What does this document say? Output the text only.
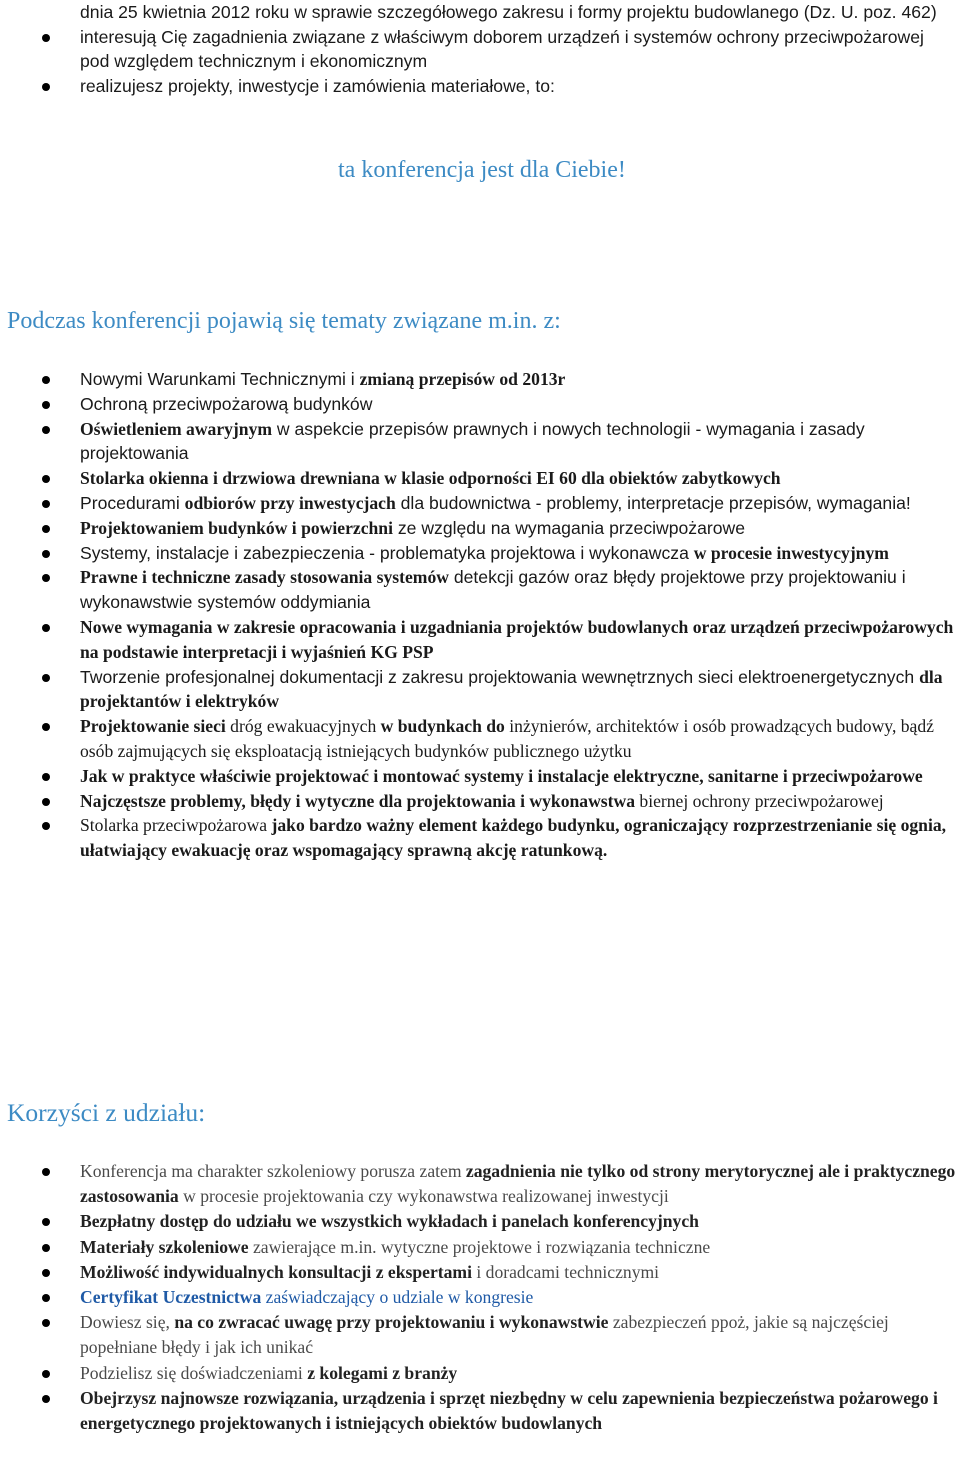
dnia 25 kwietnia 2012 roku w sprawie szczegółowego zakresu i formy projektu budowlanego (Dz. U. poz. 462)
interesują Cię zagadnienia związane z właściwym doborem urządzeń i systemów ochrony przeciwpożarowej pod względem technicznym i ekonomicznym
realizujesz projekty, inwestycje i zamówienia materiałowe, to:
ta konferencja jest dla Ciebie!
Podczas konferencji pojawią się tematy związane m.in. z:
Nowymi Warunkami Technicznymi i zmianą przepisów od 2013r
Ochroną przeciwpożarową budynków
Oświetleniem awaryjnym w aspekcie przepisów prawnych i nowych technologii - wymagania i zasady projektowania
Stolarka okienna i drzwiowa drewniana w klasie odporności EI 60 dla obiektów zabytkowych
Procedurami odbiorów przy inwestycjach dla budownictwa - problemy, interpretacje przepisów, wymagania!
Projektowaniem budynków i powierzchni ze względu na wymagania przeciwpożarowe
Systemy, instalacje i zabezpieczenia - problematyka projektowa i wykonawcza w procesie inwestycyjnym
Prawne i techniczne zasady stosowania systemów detekcji gazów oraz błędy projektowe przy projektowaniu i wykonawstwie systemów oddymiania
Nowe wymagania w zakresie opracowania i uzgadniania projektów budowlanych oraz urządzeń przeciwpożarowych na podstawie interpretacji i wyjaśnień KG PSP
Tworzenie profesjonalnej dokumentacji z zakresu projektowania wewnętrznych sieci elektroenergetycznych dla projektantów i elektryków
Projektowanie sieci dróg ewakuacyjnych w budynkach do inżynierów, architektów i osób prowadzących budowy, bądź osób zajmujących się eksploatacją istniejących budynków publicznego użytku
Jak w praktyce właściwie projektować i montować systemy i instalacje elektryczne, sanitarne i przeciwpożarowe
Najczęstsze problemy, błędy i wytyczne dla projektowania i wykonawstwa biernej ochrony przeciwpożarowej
Stolarka przeciwpożarowa jako bardzo ważny element każdego budynku, ograniczający rozprzestrzenianie się ognia, ułatwiający ewakuację oraz wspomagający sprawną akcję ratunkową.
Korzyści z udziału:
Konferencja ma charakter szkoleniowy porusza zatem zagadnienia nie tylko od strony merytorycznej ale i praktycznego zastosowania w procesie projektowania czy wykonawstwa realizowanej inwestycji
Bezpłatny dostęp do udziału we wszystkich wykładach i panelach konferencyjnych
Materiały szkoleniowe zawierające m.in. wytyczne projektowe i rozwiązania techniczne
Możliwość indywidualnych konsultacji z ekspertami i doradcami technicznymi
Certyfikat Uczestnictwa zaświadczający o udziale w kongresie
Dowiesz się, na co zwracać uwagę przy projektowaniu i wykonawstwie zabezpieczeń ppoż, jakie są najczęściej popełniane błędy i jak ich unikać
Podzielisz się doświadczeniami z kolegami z branży
Obejrzysz najnowsze rozwiązania, urządzenia i sprzęt niezbędny w celu zapewnienia bezpieczeństwa pożarowego i energetycznego projektowanych i istniejących obiektów budowlanych
